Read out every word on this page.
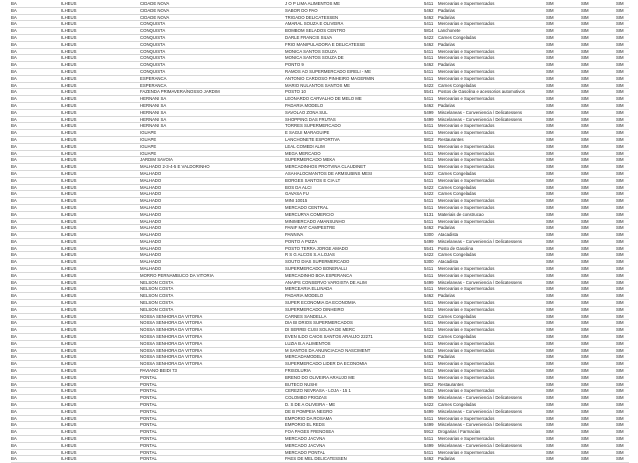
BA	ILHEUS	CIDADE NOVA	J O P LIMA ALIMENTOS ME	5411	Mercearias e Supermercados	SIM	SIM	SIM
BA	ILHEUS	CIDADE NOVA	SABOR DO PAO	5462	Padarias	SIM	SIM	SIM
BA	ILHEUS	CIDADE NOVA	TRIGADO DELICATESSEN	5462	Padarias	SIM	SIM	SIM
BA	ILHEUS	CONQUISTA	AMARAL SOUZA E OLIVEIRA	5411	Mercearias e Supermercados	SIM	SIM	SIM
BA	ILHEUS	CONQUISTA	BOMBOM SELADOS CENTRO	5814	Lanchonete	SIM	SIM	SIM
BA	ILHEUS	CONQUISTA	DARLE FRANCIS SILVA	5422	Carnes Congeladas	SIM	SIM	SIM
BA	ILHEUS	CONQUISTA	FRIO MANIPULADORA E DELICATESSE	5462	Padarias	SIM	SIM	SIM
BA	ILHEUS	CONQUISTA	MONICA SANTOS SOUZA	5411	Mercearias e Supermercados	SIM	SIM	SIM
BA	ILHEUS	CONQUISTA	MONICA SANTOS SOUZA DE	5411	Mercearias e Supermercados	SIM	SIM	SIM
BA	ILHEUS	CONQUISTA	PONTO 9	5462	Padarias	SIM	SIM	SIM
BA	ILHEUS	CONQUISTA	RAMOS AO SUPERMERCADO EIRELI - ME	5411	Mercearias e Supermercados	SIM	SIM	SIM
BA	ILHEUS	ESPERANCA	ANTONIO CARDOSO PINHEIRO MAGERMIN	5411	Mercearias e Supermercados	SIM	SIM	SIM
BA	ILHEUS	ESPERANCA	MARIO NULANTOS SANTOS ME	5422	Carnes Congeladas	SIM	SIM	SIM
BA	ILHEUS	FAZENDA PRIMAVERA/NOSSO JARDIM	POSTO 10	5541	Postos de Gasolina e acessorios automotivos	SIM	SIM	SIM
BA	ILHEUS	HERNANI SA	LEONARDO CARVALHO DE MELO ME	5411	Mercearias e Supermercados	SIM	SIM	SIM
BA	ILHEUS	HERNANI SA	PADARIA MODELO	5462	Padarias	SIM	SIM	SIM
BA	ILHEUS	HERNANI SA	SAVOLAO ZONA SUL	5499	Miscelaneas - Conveniencia / Delicatessens	SIM	SIM	SIM
BA	ILHEUS	HERNANI SA	SHOPPING DAS FRUTAS	5499	Miscelaneas - Conveniencia / Delicatessens	SIM	SIM	SIM
BA	ILHEUS	HERNANI SA	TORRES SUPERMERCADO	5411	Mercearias e Supermercados	SIM	SIM	SIM
BA	ILHEUS	IGUAPE	E SAGUI MARAGUIPE	5411	Mercearias e Supermercados	SIM	SIM	SIM
BA	ILHEUS	IGUAPE	LANCHONETE ESPORTIVA	5812	Restaurantes	SIM	SIM	SIM
BA	ILHEUS	IGUAPE	LEAL COMEDI ALIM	5411	Mercearias e Supermercados	SIM	SIM	SIM
BA	ILHEUS	IGUAPE	MEGA MERCADO	5411	Mercearias e Supermercados	SIM	SIM	SIM
BA	ILHEUS	JARDIM SAVOIA	SUPERMERCADO MEKA	5411	Mercearias e Supermercados	SIM	SIM	SIM
BA	ILHEUS	MALHADO 2-3-4-5 E VALDORINHO	MERCADINHOS PROTVINA CLAUDINET	5411	Mercearias e Supermercados	SIM	SIM	SIM
BA	ILHEUS	MALHADO	ASAHALOCMANTOS DE ARMSUBINS MESI	5422	Carnes Congeladas	SIM	SIM	SIM
BA	ILHEUS	MALHADO	BORGES SANTOS E CIA LT	5411	Mercearias e Supermercados	SIM	SIM	SIM
BA	ILHEUS	MALHADO	BOS DA ALCI	5422	Carnes Congeladas	SIM	SIM	SIM
BA	ILHEUS	MALHADO	GAVASA FU	5422	Carnes Congeladas	SIM	SIM	SIM
BA	ILHEUS	MALHADO	MINI 10015	5411	Mercearias e Supermercados	SIM	SIM	SIM
BA	ILHEUS	MALHADO	MERCADO CENTRAL	5411	Mercearias e Supermercados	SIM	SIM	SIM
BA	ILHEUS	MALHADO	MERCURYA COMERCIO	5131	Materiais de construcao	SIM	SIM	SIM
BA	ILHEUS	MALHADO	MINIMERCADO AMANSUNHO	5411	Mercearias e Supermercados	SIM	SIM	SIM
BA	ILHEUS	MALHADO	PANIF MAT CAMPESTRE	5462	Padarias	SIM	SIM	SIM
BA	ILHEUS	MALHADO	PANNIVA	5300	Atacadista	SIM	SIM	SIM
BA	ILHEUS	MALHADO	PONTO A PIZZA	5499	Miscelaneas - Conveniencia / Delicatessens	SIM	SIM	SIM
BA	ILHEUS	MALHADO	POSTO TERRA JORGE AMADO	5541	Posto de Gasolina	SIM	SIM	SIM
BA	ILHEUS	MALHADO	R S G ALCOS S.A LOJAS	5422	Carnes Congeladas	SIM	SIM	SIM
BA	ILHEUS	MALHADO	SOUTO DIAS SUPERMERCADO	5300	Atacadista	SIM	SIM	SIM
BA	ILHEUS	MALHADO	SUPERMERCADO BONERALLI	5411	Mercearias e Supermercados	SIM	SIM	SIM
BA	ILHEUS	MORRO PERNAMBUCO DA VITORIA	MERCADINHO BOA ESPERANCA	5411	Mercearias e Supermercados	SIM	SIM	SIM
BA	ILHEUS	NELSON COSTA	ANAIPS CONSERVO VARGISTA DE ALIM	5499	Miscelaneas - Conveniencia / Delicatessens	SIM	SIM	SIM
BA	ILHEUS	NELSON COSTA	MERCEARIA ELLINADA	5411	Mercearias e Supermercados	SIM	SIM	SIM
BA	ILHEUS	NELSON COSTA	PADARIA MODELO	5462	Padarias	SIM	SIM	SIM
BA	ILHEUS	NELSON COSTA	SUPER ECONOMIA DA ECONOMIA	5411	Mercearias e Supermercados	SIM	SIM	SIM
BA	ILHEUS	NELSON COSTA	SUPERMERCADO DINHEIRO	5411	Mercearias e Supermercados	SIM	SIM	SIM
BA	ILHEUS	NOSSA SENHORA DA VITORIA	CARNES SANDELLA	5422	Carnes Congeladas	SIM	SIM	SIM
BA	ILHEUS	NOSSA SENHORA DA VITORIA	DIA BI DRIOS SUPERMERCADOS	5411	Mercearias e Supermercados	SIM	SIM	SIM
BA	ILHEUS	NOSSA SENHORA DA VITORIA	DI SERREI CUSI SOLIVA DE MERC	5411	Mercearias e Supermercados	SIM	SIM	SIM
BA	ILHEUS	NOSSA SENHORA DA VITORIA	EVEN ILDO CAIOS SANTOS ARAUJO 22271	5422	Carnes Congeladas	SIM	SIM	SIM
BA	ILHEUS	NOSSA SENHORA DA VITORIA	LUZIA B.A ALIMENTOS	5411	Mercearias e Supermercados	SIM	SIM	SIM
BA	ILHEUS	NOSSA SENHORA DA VITORIA	M SANTOS DA ANUNCIACAO NASCIMENT	5411	Mercearias e Supermercados	SIM	SIM	SIM
BA	ILHEUS	NOSSA SENHORA DA VITORIA	MERCADAMODELO	5462	Padarias	SIM	SIM	SIM
BA	ILHEUS	NOSSA SENHORA DA VITORIA	SUPERMERCADO LIDER DA ECONOMIA	5411	Mercearias e Supermercados	SIM	SIM	SIM
BA	ILHEUS	PAVIANO BEIDI 73	FRISOLURIA	5411	Mercearias e Supermercados	SIM	SIM	SIM
BA	ILHEUS	PONTAL	BRENO DO OLIVEIRA ARAUJO ME	5411	Mercearias e Supermercados	SIM	SIM	SIM
BA	ILHEUS	PONTAL	BUTECO NUSHI	5812	Restaurantes	SIM	SIM	SIM
BA	ILHEUS	PONTAL	CEREZO NEVRASA - LOJA - 15 1	5411	Mercearias e Supermercados	SIM	SIM	SIM
BA	ILHEUS	PONTAL	COLOMBO FRIOZAS	5499	Miscelaneas - Conveniencia / Delicatessens	SIM	SIM	SIM
BA	ILHEUS	PONTAL	D. S DE A OLIVEIRA - ME	5422	Carnes Congeladas	SIM	SIM	SIM
BA	ILHEUS	PONTAL	DE B POMPEIA NEGRO	5499	Miscelaneas - Conveniencia / Delicatessens	SIM	SIM	SIM
BA	ILHEUS	PONTAL	EMPORIO DA ROSAMA	5411	Mercearias e Supermercados	SIM	SIM	SIM
BA	ILHEUS	PONTAL	EMPORIO EL REDS	5499	Miscelaneas - Conveniencia / Delicatessens	SIM	SIM	SIM
BA	ILHEUS	PONTAL	FOA PAGES FRENOSEA	5912	Drogarias / Farmacias	SIM	SIM	SIM
BA	ILHEUS	PONTAL	MERCADO JACVNA	5411	Mercearias e Supermercados	SIM	SIM	SIM
BA	ILHEUS	PONTAL	MERCADO JACVNA	5499	Miscelaneas - Conveniencia / Delicatessens	SIM	SIM	SIM
BA	ILHEUS	PONTAL	MERCADO PONTAL	5411	Mercearias e Supermercados	SIM	SIM	SIM
BA	ILHEUS	PONTAL	PAES DE MEL DELICATESSEN	5462	Padarias	SIM	SIM	SIM
